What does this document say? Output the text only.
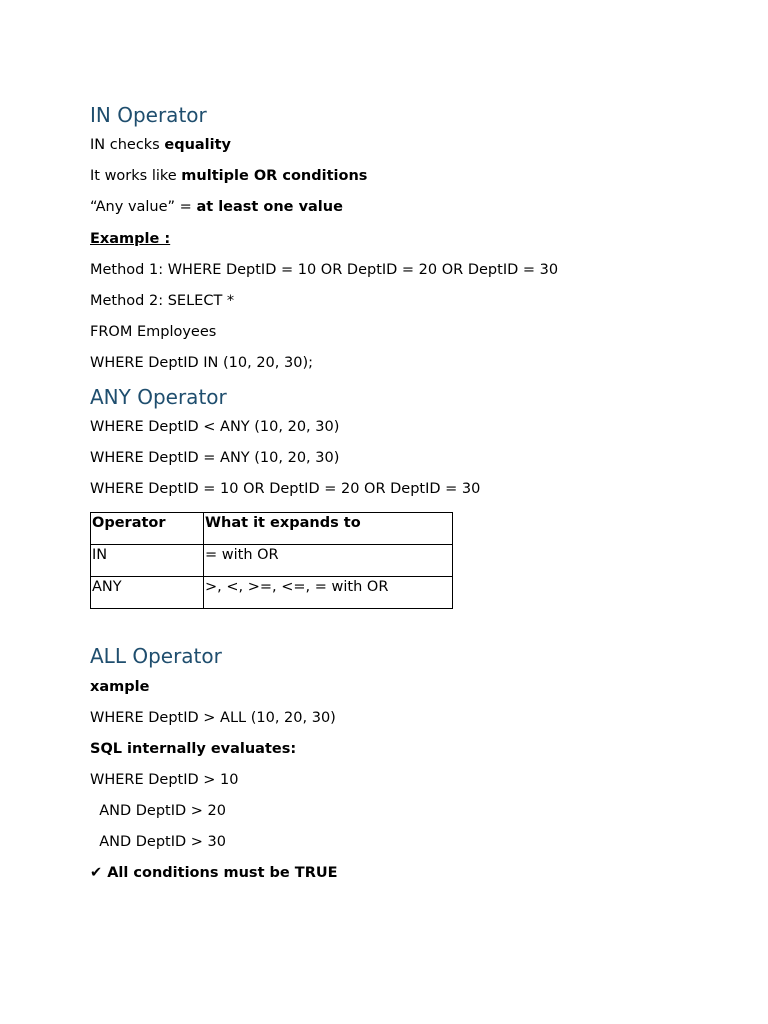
IN Operator

IN checks equality

It works like multiple OR conditions

“Any value” = at least one value

Example :

Method 1: WHERE DeptID = 10 OR DeptID = 20 OR DeptID = 30

Method 2: SELECT *

FROM Employees

WHERE DeptID IN (10, 20, 30);

ANY Operator

WHERE DeptID < ANY (10, 20, 30)

WHERE DeptID = ANY (10, 20, 30)

WHERE DeptID = 10 OR DeptID = 20 OR DeptID = 30

Operator	What it expands to
IN	= with OR
ANY	>, <, >=, <=, = with OR
ALL Operator

xample

WHERE DeptID > ALL (10, 20, 30)

SQL internally evaluates:

WHERE DeptID > 10

AND DeptID > 20

AND DeptID > 30

✔ All conditions must be TRUE
